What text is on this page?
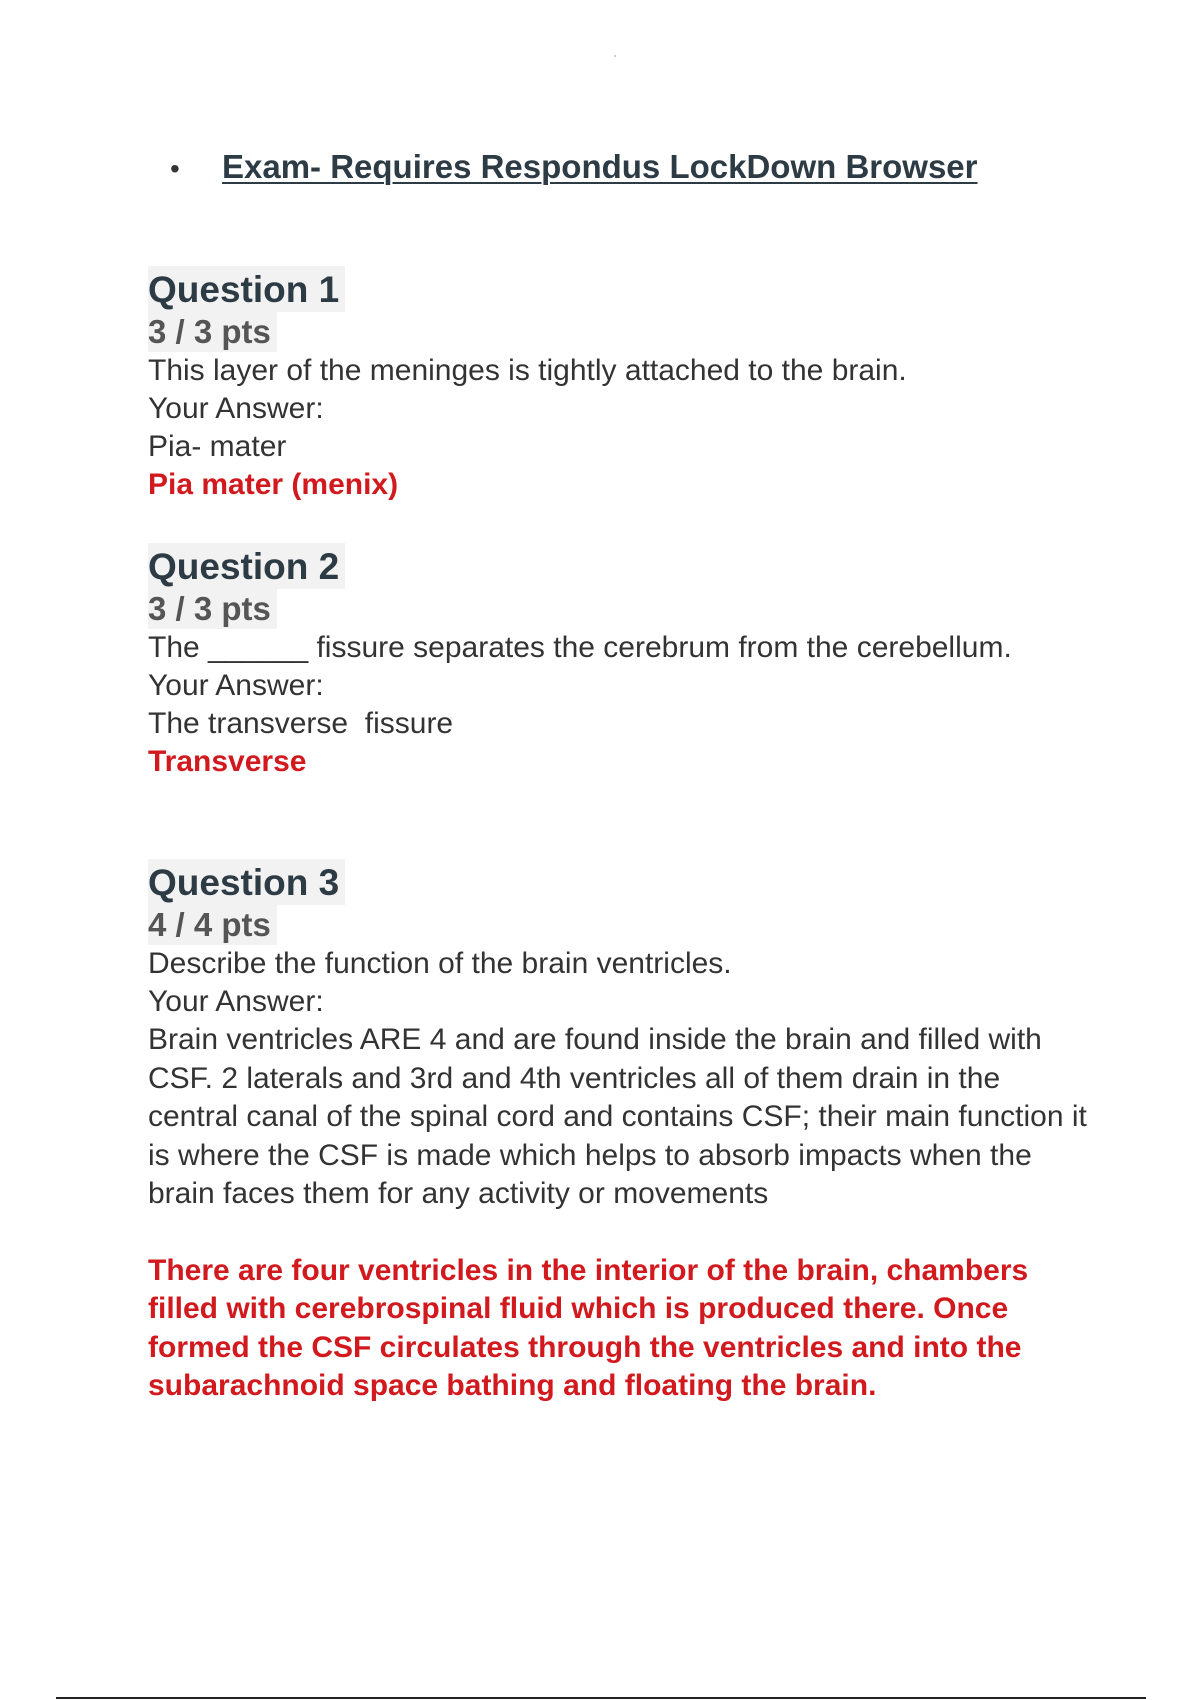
•	Exam- Requires Respondus LockDown Browser
Question 1
3 / 3 pts
This layer of the meninges is tightly attached to the brain.
Your Answer:
Pia- mater
Pia mater (menix)
Question 2
3 / 3 pts
The ______ fissure separates the cerebrum from the cerebellum.
Your Answer:
The transverse  fissure
Transverse
Question 3
4 / 4 pts
Describe the function of the brain ventricles.
Your Answer:
Brain ventricles ARE 4 and are found inside the brain and filled with CSF. 2 laterals and 3rd and 4th ventricles all of them drain in the central canal of the spinal cord and contains CSF; their main function it is where the CSF is made which helps to absorb impacts when the brain faces them for any activity or movements
There are four ventricles in the interior of the brain, chambers filled with cerebrospinal fluid which is produced there. Once formed the CSF circulates through the ventricles and into the subarachnoid space bathing and floating the brain.
